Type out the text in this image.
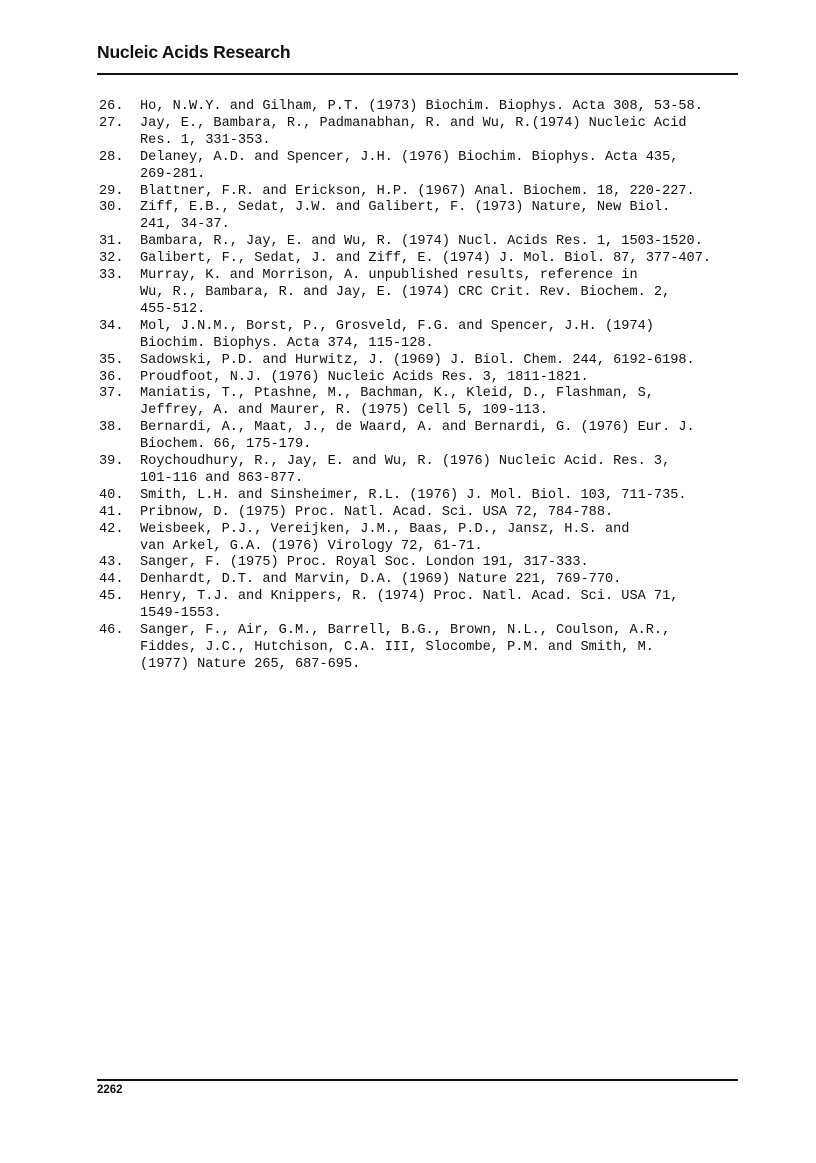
Nucleic Acids Research
26.	Ho, N.W.Y. and Gilham, P.T. (1973) Biochim. Biophys. Acta 308, 53-58.
27.	Jay, E., Bambara, R., Padmanabhan, R. and Wu, R.(1974) Nucleic Acid
Res. 1, 331-353.
28.	Delaney, A.D. and Spencer, J.H. (1976) Biochim. Biophys. Acta 435,
269-281.
29.	Blattner, F.R. and Erickson, H.P. (1967) Anal. Biochem. 18, 220-227.
30.	Ziff, E.B., Sedat, J.W. and Galibert, F. (1973) Nature, New Biol.
241, 34-37.
31.	Bambara, R., Jay, E. and Wu, R. (1974) Nucl. Acids Res. 1, 1503-1520.
32.	Galibert, F., Sedat, J. and Ziff, E. (1974) J. Mol. Biol. 87, 377-407.
33.	Murray, K. and Morrison, A. unpublished results, reference in
Wu, R., Bambara, R. and Jay, E. (1974) CRC Crit. Rev. Biochem. 2,
455-512.
34.	Mol, J.N.M., Borst, P., Grosveld, F.G. and Spencer, J.H. (1974)
Biochim. Biophys. Acta 374, 115-128.
35.	Sadowski, P.D. and Hurwitz, J. (1969) J. Biol. Chem. 244, 6192-6198.
36.	Proudfoot, N.J. (1976) Nucleic Acids Res. 3, 1811-1821.
37.	Maniatis, T., Ptashne, M., Bachman, K., Kleid, D., Flashman, S,
Jeffrey, A. and Maurer, R. (1975) Cell 5, 109-113.
38.	Bernardi, A., Maat, J., de Waard, A. and Bernardi, G. (1976) Eur. J.
Biochem. 66, 175-179.
39.	Roychoudhury, R., Jay, E. and Wu, R. (1976) Nucleic Acid. Res. 3,
101-116 and 863-877.
40.	Smith, L.H. and Sinsheimer, R.L. (1976) J. Mol. Biol. 103, 711-735.
41.	Pribnow, D. (1975) Proc. Natl. Acad. Sci. USA 72, 784-788.
42.	Weisbeek, P.J., Vereijken, J.M., Baas, P.D., Jansz, H.S. and
van Arkel, G.A. (1976) Virology 72, 61-71.
43.	Sanger, F. (1975) Proc. Royal Soc. London 191, 317-333.
44.	Denhardt, D.T. and Marvin, D.A. (1969) Nature 221, 769-770.
45.	Henry, T.J. and Knippers, R. (1974) Proc. Natl. Acad. Sci. USA 71,
1549-1553.
46.	Sanger, F., Air, G.M., Barrell, B.G., Brown, N.L., Coulson, A.R.,
Fiddes, J.C., Hutchison, C.A. III, Slocombe, P.M. and Smith, M.
(1977) Nature 265, 687-695.
2262
